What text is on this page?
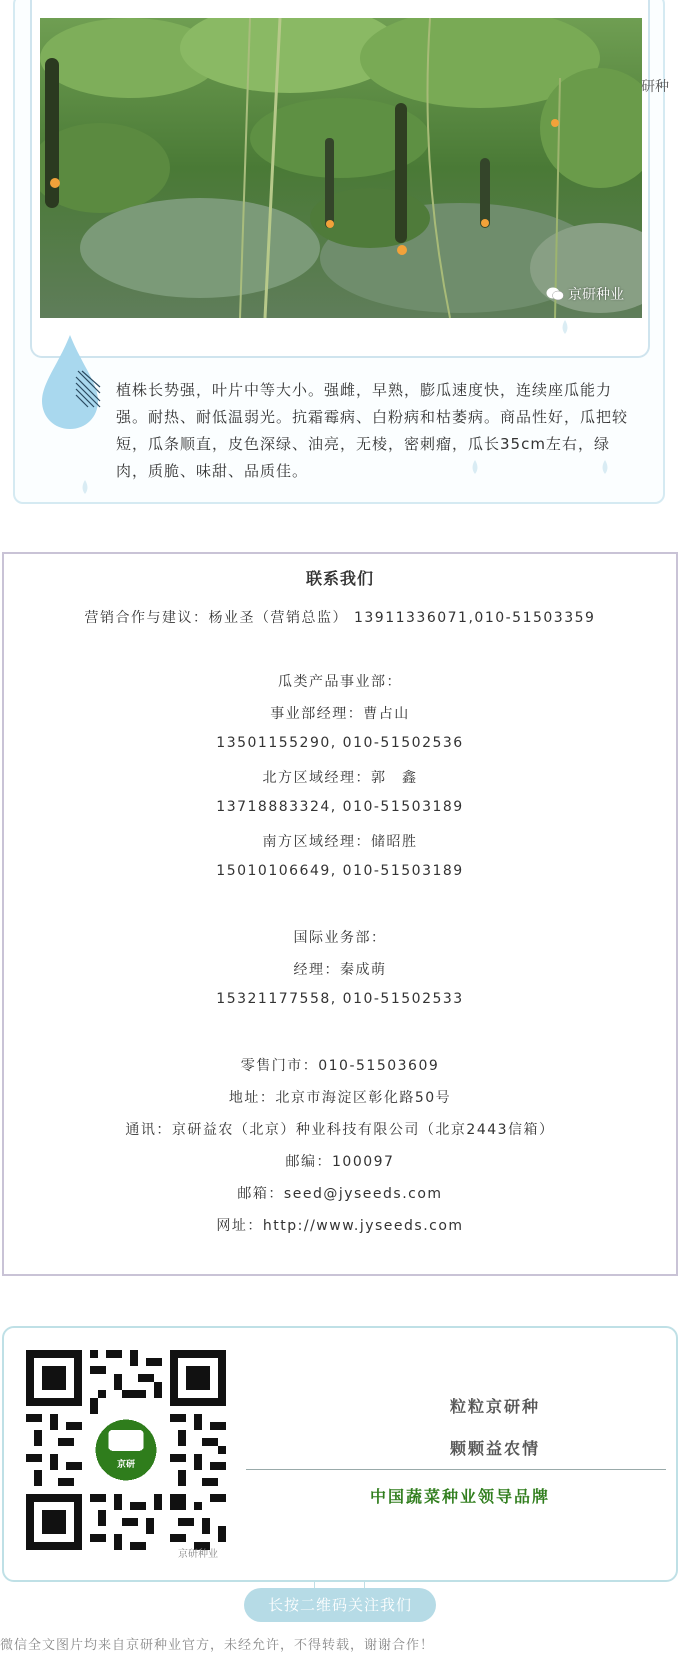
京研种业
研种

植株长势强，叶片中等大小。强雌，早熟，膨瓜速度快，连续座瓜能力强。耐热、耐低温弱光。抗霜霉病、白粉病和枯萎病。商品性好，瓜把较短，瓜条顺直，皮色深绿、油亮，无棱，密刺瘤，瓜长35cm左右，绿肉，质脆、味甜、品质佳。

联系我们
营销合作与建议：杨业圣（营销总监） 13911336071,010-51503359
瓜类产品事业部：
事业部经理：曹占山
13501155290, 010-51502536
北方区域经理：郭　鑫
13718883324, 010-51503189
南方区域经理：储昭胜
15010106649, 010-51503189
国际业务部：
经理：秦成萌
15321177558, 010-51502533
零售门市：010-51503609
地址：北京市海淀区彰化路50号
通讯：京研益农（北京）种业科技有限公司（北京2443信箱）
邮编：100097
邮箱：seed@jyseeds.com
网址：http://www.jyseeds.com
BVRC
京研
京研种业
粒粒京研种
颗颗益农情
中国蔬菜种业领导品牌
长按二维码关注我们
微信全文图片均来自京研种业官方，未经允许，不得转载，谢谢合作！
